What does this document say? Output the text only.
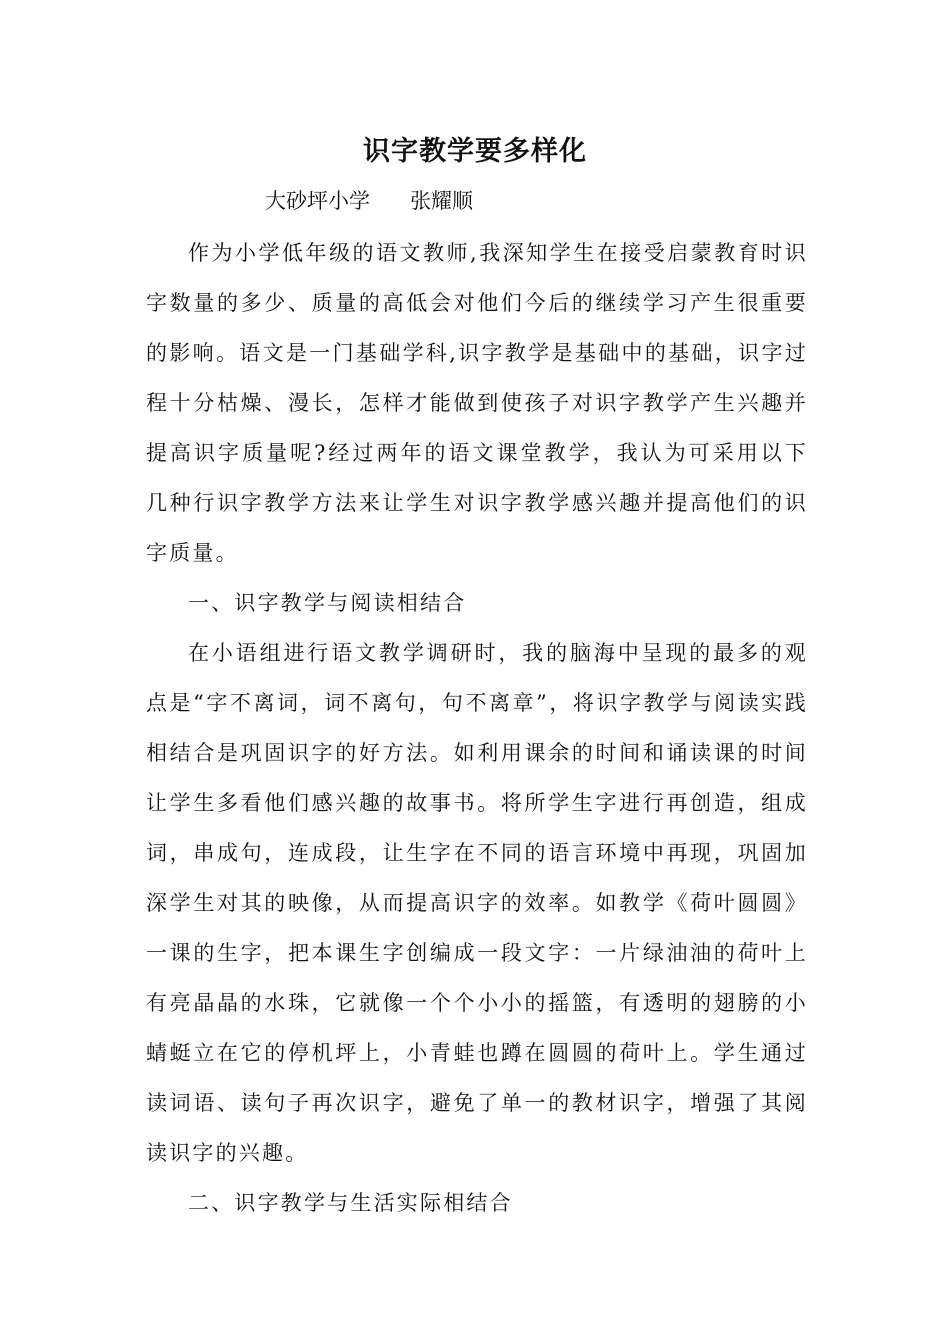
识字教学要多样化
大砂坪小学 张耀顺

作为小学低年级的语文教师,我深知学生在接受启蒙教育时识字数量的多少、质量的高低会对他们今后的继续学习产生很重要的影响。语文是一门基础学科,识字教学是基础中的基础，识字过程十分枯燥、漫长，怎样才能做到使孩子对识字教学产生兴趣并提高识字质量呢?经过两年的语文课堂教学，我认为可采用以下几种行识字教学方法来让学生对识字教学感兴趣并提高他们的识字质量。

一、识字教学与阅读相结合

在小语组进行语文教学调研时，我的脑海中呈现的最多的观点是“字不离词，词不离句，句不离章”，将识字教学与阅读实践相结合是巩固识字的好方法。如利用课余的时间和诵读课的时间让学生多看他们感兴趣的故事书。将所学生字进行再创造，组成词，串成句，连成段，让生字在不同的语言环境中再现，巩固加深学生对其的映像，从而提高识字的效率。如教学《荷叶圆圆》一课的生字，把本课生字创编成一段文字：一片绿油油的荷叶上有亮晶晶的水珠，它就像一个个小小的摇篮，有透明的翅膀的小蜻蜓立在它的停机坪上，小青蛙也蹲在圆圆的荷叶上。学生通过读词语、读句子再次识字，避免了单一的教材识字，增强了其阅读识字的兴趣。

二、识字教学与生活实际相结合
